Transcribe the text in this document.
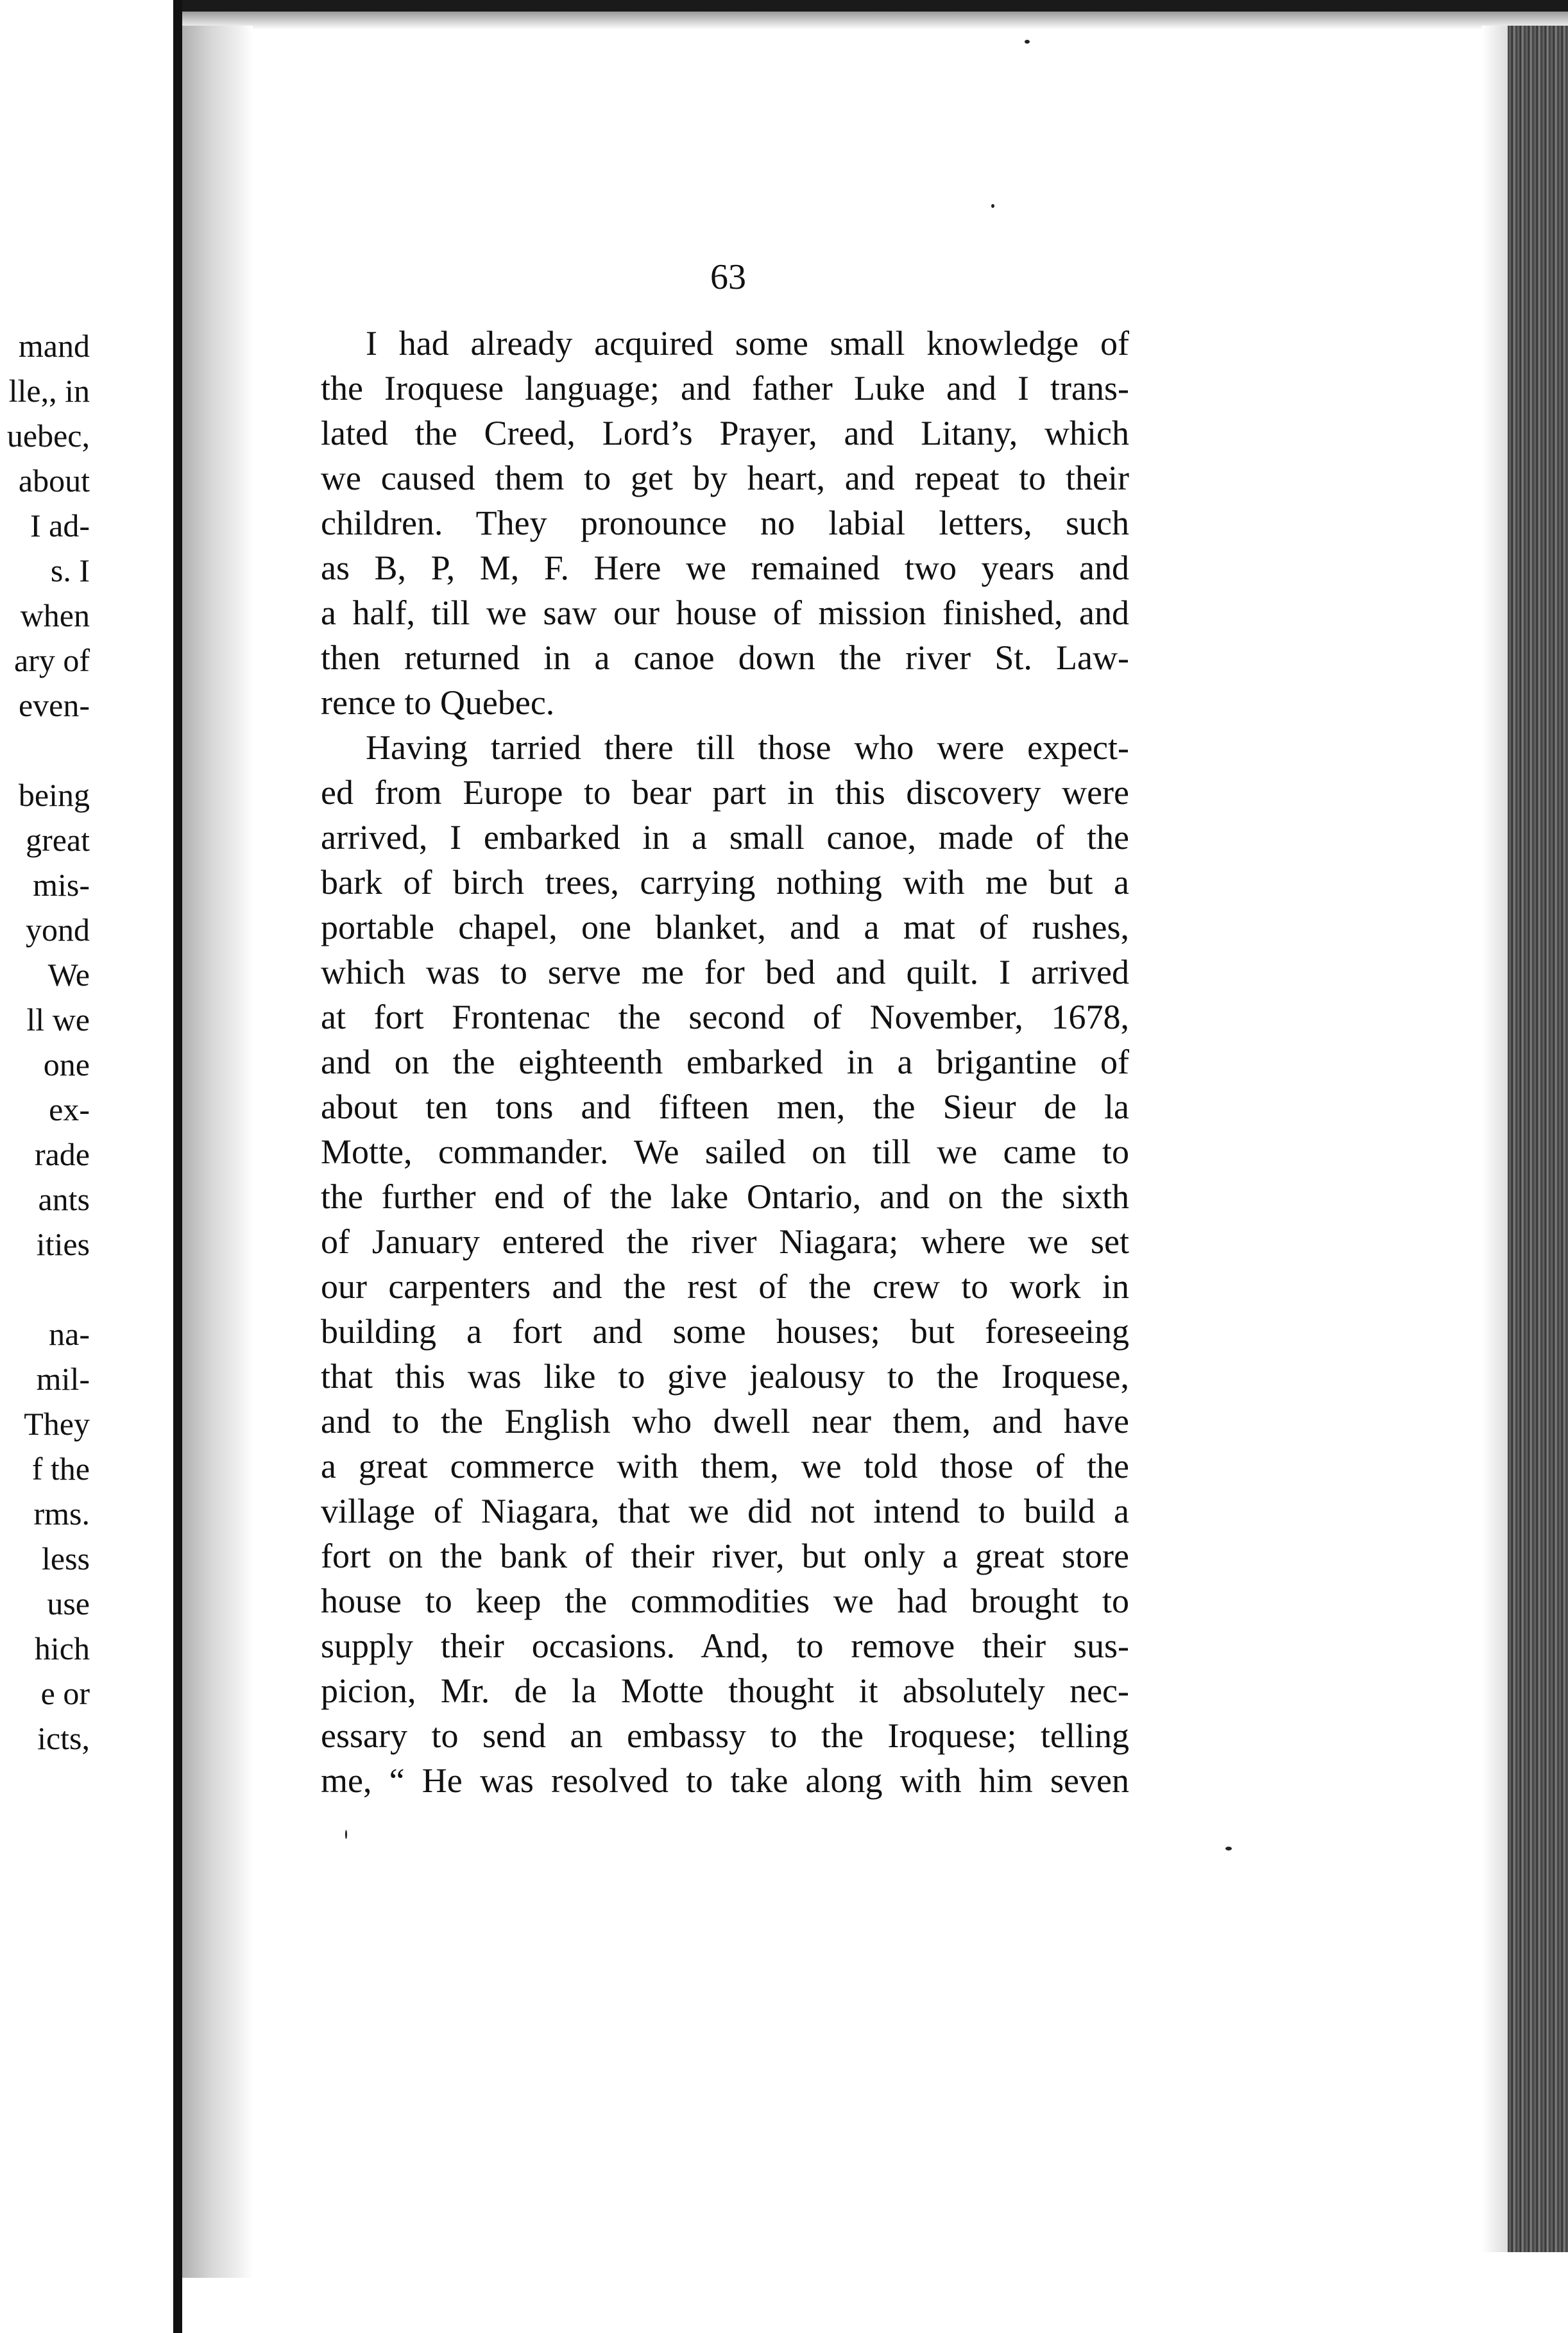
mand
lle,, in
uebec,
about
I ad-
s. I
when
ary of
even-
being
great
mis-
yond
We
ll we
one
ex-
rade
ants
ities
na-
mil-
They
f the
rms.
less
use
hich
e or
icts,
63
I had already acquired some small knowledge of
the Iroquese language; and father Luke and I trans-
lated the Creed, Lord’s Prayer, and Litany, which
we caused them to get by heart, and repeat to their
children. They pronounce no labial letters, such
as B, P, M, F. Here we remained two years and
a half, till we saw our house of mission finished, and
then returned in a canoe down the river St. Law-
rence to Quebec.
Having tarried there till those who were expect-
ed from Europe to bear part in this discovery were
arrived, I embarked in a small canoe, made of the
bark of birch trees, carrying nothing with me but a
portable chapel, one blanket, and a mat of rushes,
which was to serve me for bed and quilt. I arrived
at fort Frontenac the second of November, 1678,
and on the eighteenth embarked in a brigantine of
about ten tons and fifteen men, the Sieur de la
Motte, commander. We sailed on till we came to
the further end of the lake Ontario, and on the sixth
of January entered the river Niagara; where we set
our carpenters and the rest of the crew to work in
building a fort and some houses; but foreseeing
that this was like to give jealousy to the Iroquese,
and to the English who dwell near them, and have
a great commerce with them, we told those of the
village of Niagara, that we did not intend to build a
fort on the bank of their river, but only a great store
house to keep the commodities we had brought to
supply their occasions. And, to remove their sus-
picion, Mr. de la Motte thought it absolutely nec-
essary to send an embassy to the Iroquese; telling
me, “ He was resolved to take along with him seven
